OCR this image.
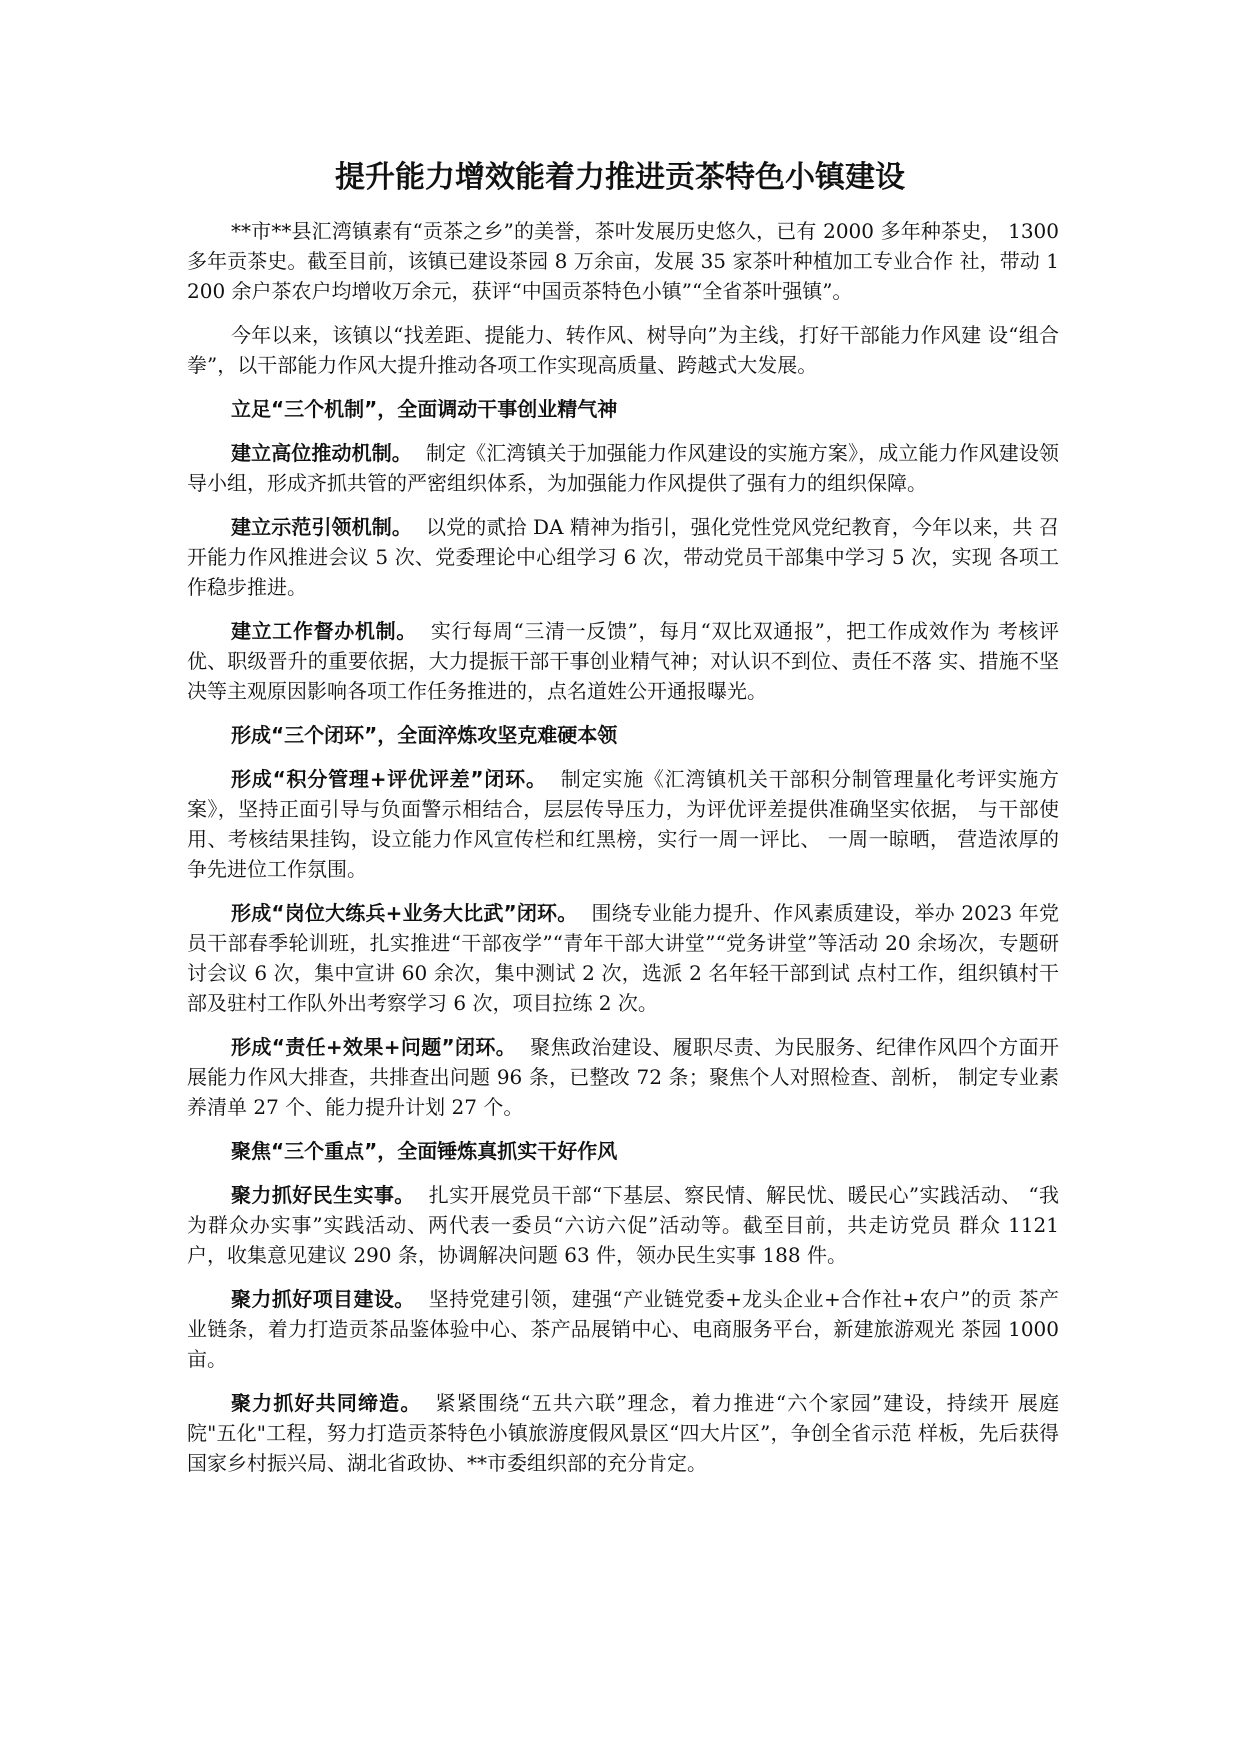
提升能力增效能着力推进贡茶特色小镇建设

**市**县汇湾镇素有“贡茶之乡”的美誉，茶叶发展历史悠久，已有 2000 多年种茶史， 1300 多年贡茶史。截至目前，该镇已建设茶园 8 万余亩，发展 35 家茶叶种植加工专业合作 社，带动 1200 余户茶农户均增收万余元，获评“中国贡茶特色小镇”“全省茶叶强镇”。

今年以来，该镇以“找差距、提能力、转作风、树导向”为主线，打好干部能力作风建 设“组合拳”，以干部能力作风大提升推动各项工作实现高质量、跨越式大发展。

立足“三个机制”，全面调动干事创业精气神

建立高位推动机制。 制定《汇湾镇关于加强能力作风建设的实施方案》，成立能力作风建设领导小组，形成齐抓共管的严密组织体系，为加强能力作风提供了强有力的组织保障。

建立示范引领机制。 以党的贰拾 DA 精神为指引，强化党性党风党纪教育，今年以来，共 召开能力作风推进会议 5 次、党委理论中心组学习 6 次，带动党员干部集中学习 5 次，实现 各项工作稳步推进。

建立工作督办机制。 实行每周“三清一反馈”，每月“双比双通报”，把工作成效作为 考核评优、职级晋升的重要依据，大力提振干部干事创业精气神；对认识不到位、责任不落 实、措施不坚决等主观原因影响各项工作任务推进的，点名道姓公开通报曝光。

形成“三个闭环”，全面淬炼攻坚克难硬本领

形成“积分管理+评优评差”闭环。 制定实施《汇湾镇机关干部积分制管理量化考评实施方案》，坚持正面引导与负面警示相结合，层层传导压力，为评优评差提供准确坚实依据， 与干部使用、考核结果挂钩，设立能力作风宣传栏和红黑榜，实行一周一评比、 一周一晾晒， 营造浓厚的争先进位工作氛围。

形成“岗位大练兵+业务大比武”闭环。 围绕专业能力提升、作风素质建设，举办 2023 年党员干部春季轮训班，扎实推进“干部夜学”“青年干部大讲堂”“党务讲堂”等活动 20 余场次，专题研讨会议 6 次，集中宣讲 60 余次，集中测试 2 次，选派 2 名年轻干部到试 点村工作，组织镇村干部及驻村工作队外出考察学习 6 次，项目拉练 2 次。

形成“责任+效果+问题”闭环。 聚焦政治建设、履职尽责、为民服务、纪律作风四个方面开展能力作风大排查，共排查出问题 96 条，已整改 72 条；聚焦个人对照检查、剖析， 制定专业素养清单 27 个、能力提升计划 27 个。

聚焦“三个重点”，全面锤炼真抓实干好作风

聚力抓好民生实事。 扎实开展党员干部“下基层、察民情、解民忧、暖民心”实践活动、 “我为群众办实事”实践活动、两代表一委员“六访六促”活动等。截至目前，共走访党员 群众 1121 户，收集意见建议 290 条，协调解决问题 63 件，领办民生实事 188 件。

聚力抓好项目建设。 坚持党建引领，建强“产业链党委+龙头企业+合作社+农户”的贡 茶产业链条，着力打造贡茶品鉴体验中心、茶产品展销中心、电商服务平台，新建旅游观光 茶园 1000 亩。

聚力抓好共同缔造。 紧紧围绕“五共六联”理念，着力推进“六个家园”建设，持续开 展庭院"五化"工程，努力打造贡茶特色小镇旅游度假风景区“四大片区”，争创全省示范 样板，先后获得国家乡村振兴局、湖北省政协、**市委组织部的充分肯定。
